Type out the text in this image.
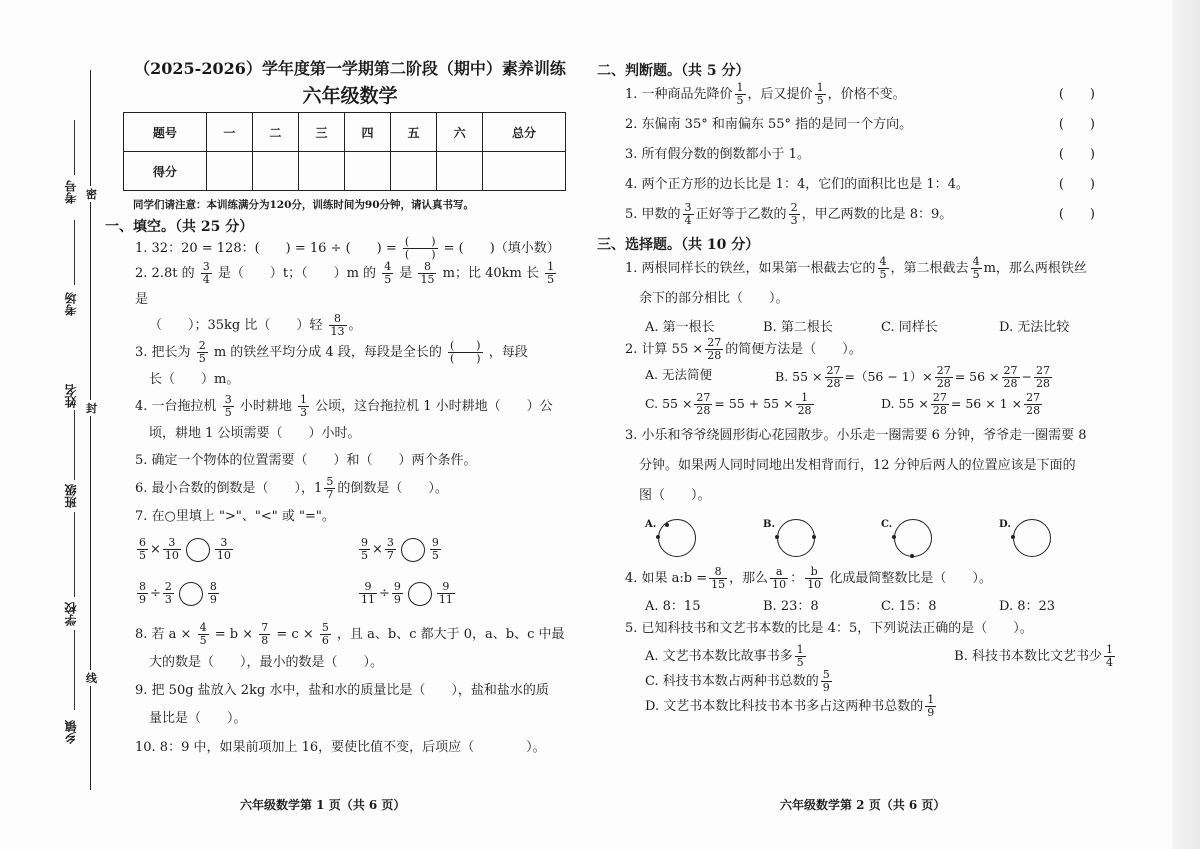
考号
考场
姓名
班级
学校
乡镇
密
封
线
（2025-2026）学年度第一学期第二阶段（期中）素养训练
六年级数学
题号	一	二	三	四	五	六	总分
得分							
同学们请注意：本训练满分为120分，训练时间为90分钟，请认真书写。
一、填空。（共 25 分）
1. 32：20 = 128：(　　) = 16 ÷ (　　) = $\frac{( )}{( )}$ = (　　)（填小数）
2. 2.8t 的 $\frac{3}{4}$ 是（　　）t；（　　）m 的 $\frac{4}{5}$ 是 $\frac{8}{15}$ m；比 40km 长 $\frac{1}{5}$
是
（　　）；35kg 比（　　）轻 $\frac{8}{13}$ 。
3. 把长为 $\frac{2}{5}$ m 的铁丝平均分成 4 段，每段是全长的 $\frac{( )}{( )}$ ，每段
长（　　）m。
4. 一台拖拉机 $\frac{3}{5}$ 小时耕地 $\frac{1}{3}$ 公顷，这台拖拉机 1 小时耕地（　　）公
顷，耕地 1 公顷需要（　　）小时。
5. 确定一个物体的位置需要（　　）和（　　）两个条件。
6. 最小合数的倒数是（　　），$1 \frac{5}{7}$ 的倒数是（　　）。
7. 在○里填上 ">"、"<" 或 "="。
$\frac{6}{5} \times \frac{3}{10}$	$\frac{3}{10}$	$\frac{9}{5} \times \frac{3}{7}$	$\frac{9}{5}$
$\frac{8}{9} \div \frac{2}{3}$	$\frac{8}{9}$	$\frac{9}{11} \div \frac{9}{9}$	$\frac{9}{11}$
8. 若 $a \times \frac{4}{5} = b \times \frac{7}{8} = c \times \frac{5}{6}$ ，且 a、b、c 都大于 0，a、b、c 中最
大的数是（　　），最小的数是（　　）。
9. 把 50g 盐放入 2kg 水中，盐和水的质量比是（　　），盐和盐水的质
量比是（　　）。
10. 8：9 中，如果前项加上 16，要使比值不变，后项应（　　　　）。
二、判断题。（共 5 分）
1. 一种商品先降价 $\frac{1}{5}$ ，后又提价 $\frac{1}{5}$ ，价格不变。	(　　)
2. 东偏南 35° 和南偏东 55° 指的是同一个方向。	(　　)
3. 所有假分数的倒数都小于 1。	(　　)
4. 两个正方形的边长比是 1：4，它们的面积比也是 1：4。	(　　)
5. 甲数的 $\frac{3}{4}$ 正好等于乙数的 $\frac{2}{3}$ ，甲乙两数的比是 8：9。	(　　)
三、选择题。（共 10 分）
1. 两根同样长的铁丝，如果第一根截去它的 $\frac{4}{5}$ ，第二根截去 $\frac{4}{5}$ m，那么两根铁丝
余下的部分相比（　　）。
A. 第一根长	B. 第二根长	C. 同样长	D. 无法比较
2. 计算 $55 \times \frac{27}{28}$ 的简便方法是（　　）。
A. 无法简便	B. $55 \times \frac{27}{28} =(56 - 1)\times \frac{27}{28} = 56 \times \frac{27}{28} - \frac{27}{28}$
C. $55 \times \frac{27}{28} = 55 + 55 \times \frac{1}{28}$	D. $55 \times \frac{27}{28} = 56 \times 1 \times \frac{27}{28}$
3. 小乐和爷爷绕圆形街心花园散步。小乐走一圈需要 6 分钟，爷爷走一圈需要 8
分钟。如果两人同时同地出发相背而行，12 分钟后两人的位置应该是下面的
图（　　）。
$^{A.}$	$^{B.}$	$^{C.}$	$^{D.}$
4. 如果 a:b = $\frac{8}{15}$ ，那么 $\frac{a}{10}$ ： $\frac{b}{10}$ 化成最简整数比是（　　）。
A. 8：15	B. 23：8	C. 15：8	D. 8：23
5. 已知科技书和文艺书本数的比是 4：5，下列说法正确的是（　　）。
A. 文艺书本数比故事书多 $\frac{1}{5}$	B. 科技书本数比文艺书少 $\frac{1}{4}$
C. 科技书本数占两种书总数的 $\frac{5}{9}$
D. 文艺书本数比科技书本书多占这两种书总数的 $\frac{1}{9}$
六年级数学第 1 页（共 6 页）	六年级数学第 2 页（共 6 页）
